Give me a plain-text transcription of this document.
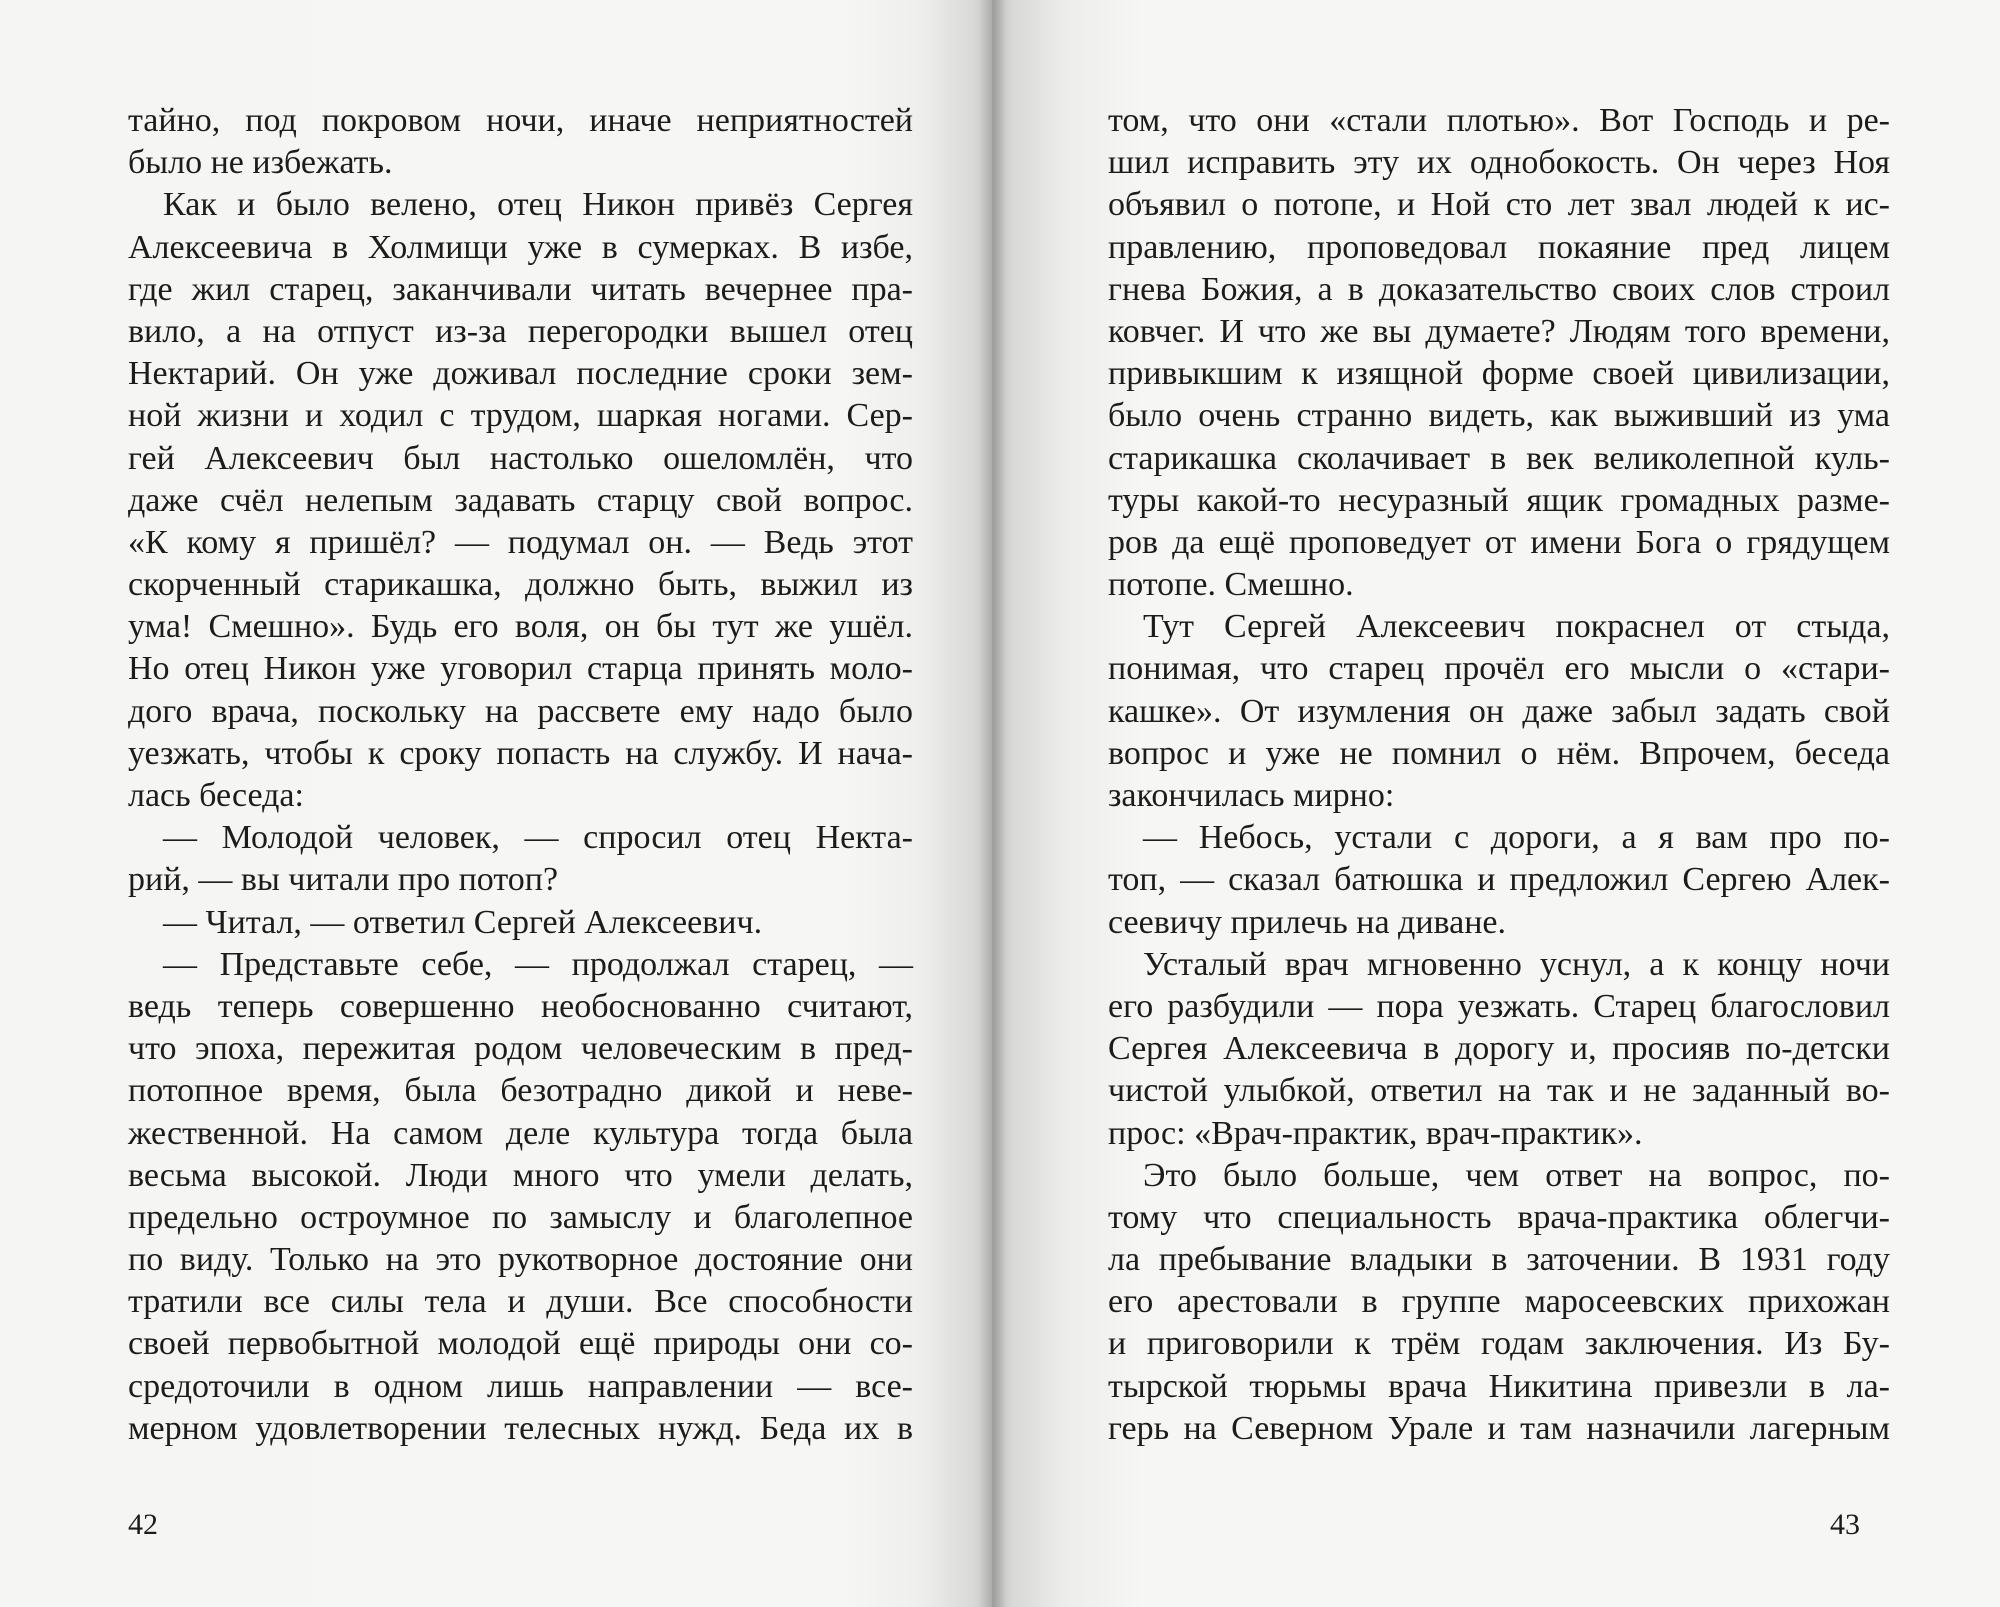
тайно, под покровом ночи, иначе неприятностей
было не избежать.
Как и было велено, отец Никон привёз Сергея
Алексеевича в Холмищи уже в сумерках. В избе,
где жил старец, заканчивали читать вечернее пра-
вило, а на отпуст из-за перегородки вышел отец
Нектарий. Он уже доживал последние сроки зем-
ной жизни и ходил с трудом, шаркая ногами. Сер-
гей Алексеевич был настолько ошеломлён, что
даже счёл нелепым задавать старцу свой вопрос.
«К кому я пришёл? — подумал он. — Ведь этот
скорченный старикашка, должно быть, выжил из
ума! Смешно». Будь его воля, он бы тут же ушёл.
Но отец Никон уже уговорил старца принять моло-
дого врача, поскольку на рассвете ему надо было
уезжать, чтобы к сроку попасть на службу. И нача-
лась беседа:
— Молодой человек, — спросил отец Некта-
рий, — вы читали про потоп?
— Читал, — ответил Сергей Алексеевич.
— Представьте себе, — продолжал старец, —
ведь теперь совершенно необоснованно считают,
что эпоха, пережитая родом человеческим в пред-
потопное время, была безотрадно дикой и неве-
жественной. На самом деле культура тогда была
весьма высокой. Люди много что умели делать,
предельно остроумное по замыслу и благолепное
по виду. Только на это рукотворное достояние они
тратили все силы тела и души. Все способности
своей первобытной молодой ещё природы они со-
средоточили в одном лишь направлении — все-
мерном удовлетворении телесных нужд. Беда их в
42
том, что они «стали плотью». Вот Господь и ре-
шил исправить эту их однобокость. Он через Ноя
объявил о потопе, и Ной сто лет звал людей к ис-
правлению, проповедовал покаяние пред лицем
гнева Божия, а в доказательство своих слов строил
ковчег. И что же вы думаете? Людям того времени,
привыкшим к изящной форме своей цивилизации,
было очень странно видеть, как выживший из ума
старикашка сколачивает в век великолепной куль-
туры какой-то несуразный ящик громадных разме-
ров да ещё проповедует от имени Бога о грядущем
потопе. Смешно.
Тут Сергей Алексеевич покраснел от стыда,
понимая, что старец прочёл его мысли о «стари-
кашке». От изумления он даже забыл задать свой
вопрос и уже не помнил о нём. Впрочем, беседа
закончилась мирно:
— Небось, устали с дороги, а я вам про по-
топ, — сказал батюшка и предложил Сергею Алек-
сеевичу прилечь на диване.
Усталый врач мгновенно уснул, а к концу ночи
его разбудили — пора уезжать. Старец благословил
Сергея Алексеевича в дорогу и, просияв по-детски
чистой улыбкой, ответил на так и не заданный во-
прос: «Врач-практик, врач-практик».
Это было больше, чем ответ на вопрос, по-
тому что специальность врача-практика облегчи-
ла пребывание владыки в заточении. В 1931 году
его арестовали в группе маросеевских прихожан
и приговорили к трём годам заключения. Из Бу-
тырской тюрьмы врача Никитина привезли в ла-
герь на Северном Урале и там назначили лагерным
43
